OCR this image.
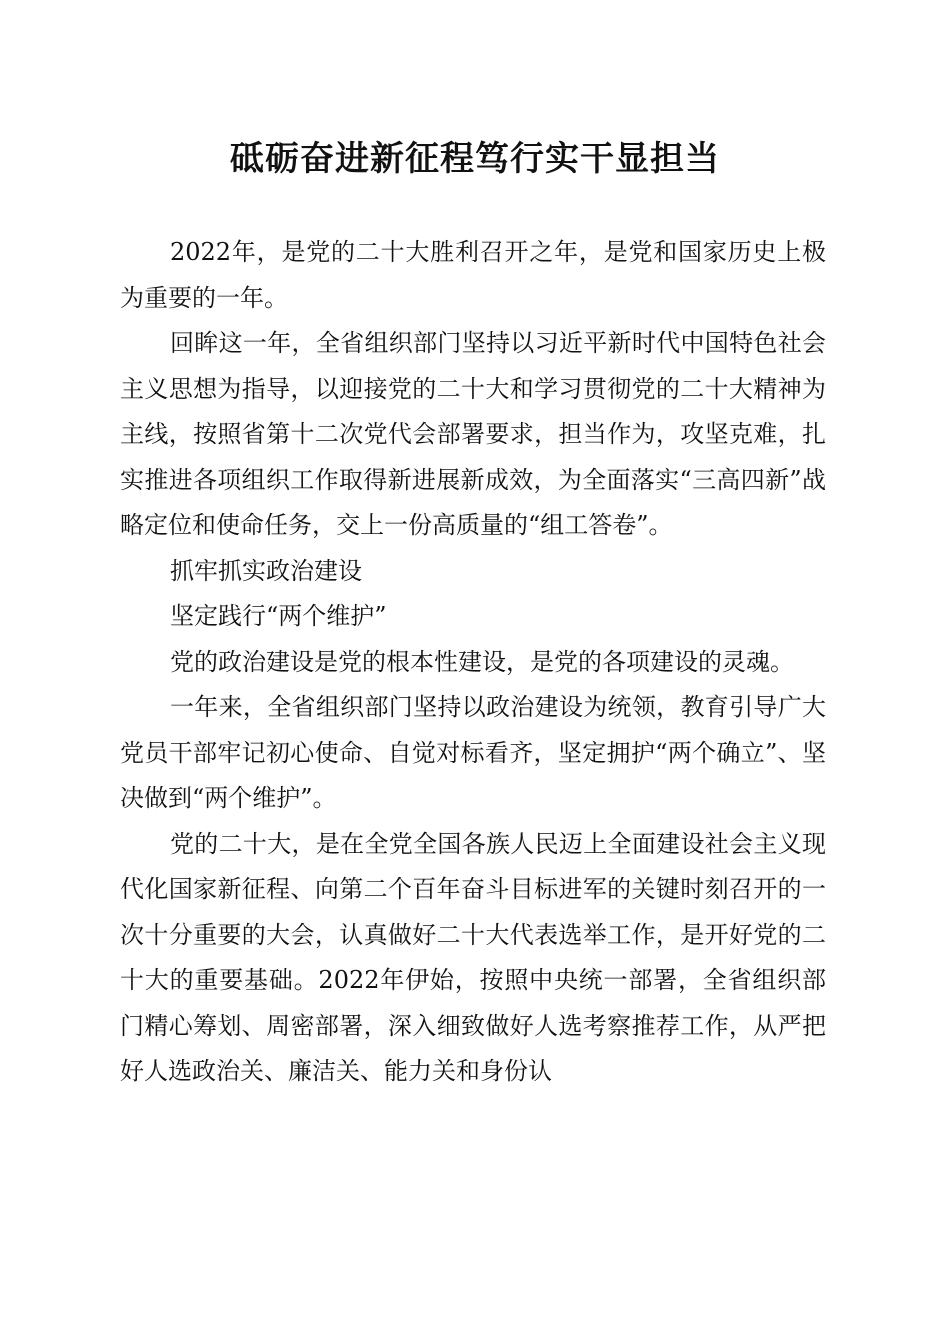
砥砺奋进新征程笃行实干显担当

2022年，是党的二十大胜利召开之年，是党和国家历史上极为重要的一年。

回眸这一年，全省组织部门坚持以习近平新时代中国特色社会主义思想为指导，以迎接党的二十大和学习贯彻党的二十大精神为主线，按照省第十二次党代会部署要求，担当作为，攻坚克难，扎实推进各项组织工作取得新进展新成效，为全面落实“三高四新”战略定位和使命任务，交上一份高质量的“组工答卷”。

抓牢抓实政治建设

坚定践行“两个维护”

党的政治建设是党的根本性建设，是党的各项建设的灵魂。

一年来，全省组织部门坚持以政治建设为统领，教育引导广大党员干部牢记初心使命、自觉对标看齐，坚定拥护“两个确立”、坚决做到“两个维护”。

党的二十大，是在全党全国各族人民迈上全面建设社会主义现代化国家新征程、向第二个百年奋斗目标进军的关键时刻召开的一次十分重要的大会，认真做好二十大代表选举工作，是开好党的二十大的重要基础。2022年伊始，按照中央统一部署，全省组织部门精心筹划、周密部署，深入细致做好人选考察推荐工作，从严把好人选政治关、廉洁关、能力关和身份认
